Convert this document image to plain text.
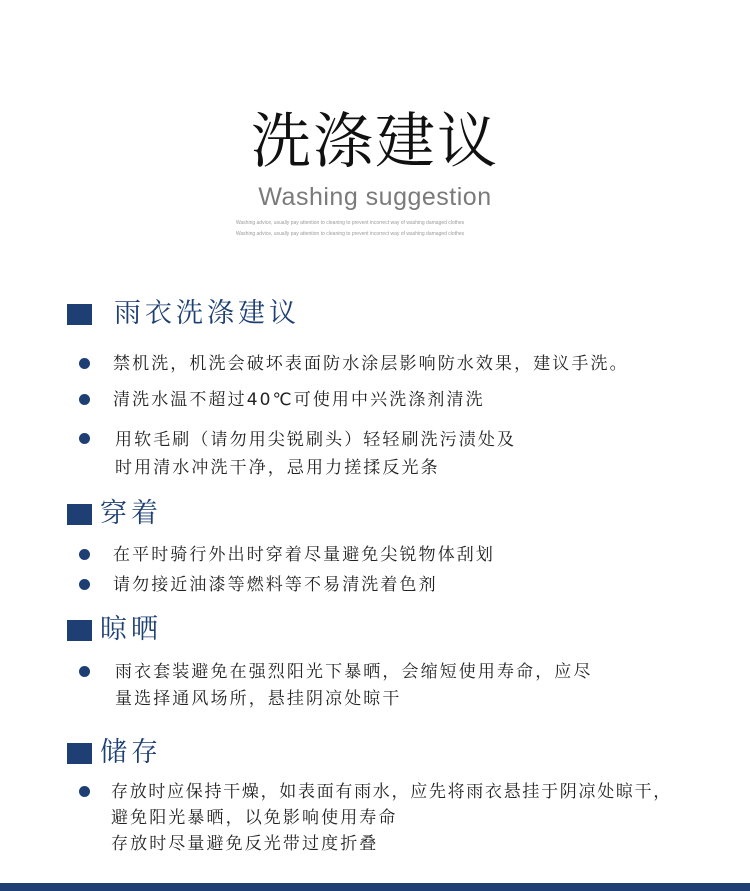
洗涤建议
Washing suggestion
Washing advice, usually pay attention to cleaning to prevent incorrect way of washing damaged clothes
Washing advice, usually pay attention to cleaning to prevent incorrect way of washing damaged clothes
雨衣洗涤建议
禁机洗，机洗会破坏表面防水涂层影响防水效果，建议手洗。
清洗水温不超过40℃可使用中兴洗涤剂清洗
用软毛刷（请勿用尖锐刷头）轻轻刷洗污渍处及
时用清水冲洗干净，忌用力搓揉反光条
穿着
在平时骑行外出时穿着尽量避免尖锐物体刮划
请勿接近油漆等燃料等不易清洗着色剂
晾晒
雨衣套装避免在强烈阳光下暴晒，会缩短使用寿命，应尽
量选择通风场所，悬挂阴凉处晾干
储存
存放时应保持干燥，如表面有雨水，应先将雨衣悬挂于阴凉处晾干，
避免阳光暴晒，以免影响使用寿命
存放时尽量避免反光带过度折叠
